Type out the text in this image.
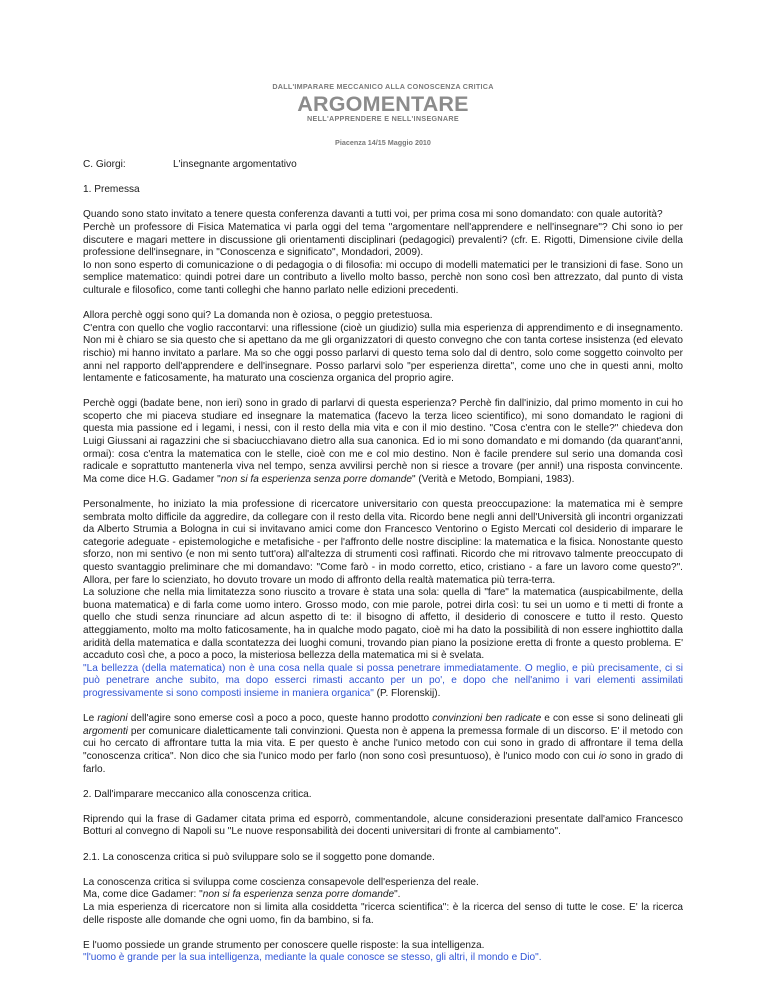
DALL'IMPARARE MECCANICO ALLA CONOSCENZA CRITICA
ARGOMENTARE
NELL'APPRENDERE E NELL'INSEGNARE
Piacenza 14/15 Maggio 2010
C. Giorgi:	L'insegnante argomentativo
1. Premessa

Quando sono stato invitato a tenere questa conferenza davanti a tutti voi, per prima cosa mi sono domandato: con quale autorità?
Perchè un professore di Fisica Matematica vi parla oggi del tema "argomentare nell'apprendere e nell'insegnare"? Chi sono io per discutere e magari mettere in discussione gli orientamenti disciplinari (pedagogici) prevalenti? (cfr. E. Rigotti, Dimensione civile della professione dell'insegnare, in "Conoscenza e significato", Mondadori, 2009).
Io non sono esperto di comunicazione o di pedagogia o di filosofia: mi occupo di modelli matematici per le transizioni di fase. Sono un semplice matematico: quindi potrei dare un contributo a livello molto basso, perchè non sono così ben attrezzato, dal punto di vista culturale e filosofico, come tanti colleghi che hanno parlato nelle edizioni precedenti.

Allora perchè oggi sono qui? La domanda non è oziosa, o peggio pretestuosa.
C'entra con quello che voglio raccontarvi: una riflessione (cioè un giudizio) sulla mia esperienza di apprendimento e di insegnamento. Non mi è chiaro se sia questo che si apettano da me gli organizzatori di questo convegno che con tanta cortese insistenza (ed elevato rischio) mi hanno invitato a parlare. Ma so che oggi posso parlarvi di questo tema solo dal di dentro, solo come soggetto coinvolto per anni nel rapporto dell'apprendere e dell'insegnare. Posso parlarvi solo "per esperienza diretta", come uno che in questi anni, molto lentamente e faticosamente, ha maturato una coscienza organica del proprio agire.

Perchè oggi (badate bene, non ieri) sono in grado di parlarvi di questa esperienza? Perchè fin dall'inizio, dal primo momento in cui ho scoperto che mi piaceva studiare ed insegnare la matematica (facevo la terza liceo scientifico), mi sono domandato le ragioni di questa mia passione ed i legami, i nessi, con il resto della mia vita e con il mio destino. "Cosa c'entra con le stelle?" chiedeva don Luigi Giussani ai ragazzini che si sbaciucchiavano dietro alla sua canonica. Ed io mi sono domandato e mi domando (da quarant'anni, ormai): cosa c'entra la matematica con le stelle, cioè con me e col mio destino. Non è facile prendere sul serio una domanda così radicale e soprattutto mantenerla viva nel tempo, senza avvilirsi perchè non si riesce a trovare (per anni!) una risposta convincente. Ma come dice H.G. Gadamer "non si fa esperienza senza porre domande" (Verità e Metodo, Bompiani, 1983).

Personalmente, ho iniziato la mia professione di ricercatore universitario con questa preoccupazione: la matematica mi è sempre sembrata molto difficile da aggredire, da collegare con il resto della vita. Ricordo bene negli anni dell'Università gli incontri organizzati da Alberto Strumia a Bologna in cui si invitavano amici come don Francesco Ventorino o Egisto Mercati col desiderio di imparare le categorie adeguate - epistemologiche e metafisiche - per l'affronto delle nostre discipline: la matematica e la fisica. Nonostante questo sforzo, non mi sentivo (e non mi sento tutt'ora) all'altezza di strumenti così raffinati. Ricordo che mi ritrovavo talmente preoccupato di questo svantaggio preliminare che mi domandavo: "Come farò - in modo corretto, etico, cristiano - a fare un lavoro come questo?". Allora, per fare lo scienziato, ho dovuto trovare un modo di affronto della realtà matematica più terra-terra.
La soluzione che nella mia limitatezza sono riuscito a trovare è stata una sola: quella di "fare" la matematica (auspicabilmente, della buona matematica) e di farla come uomo intero. Grosso modo, con mie parole, potrei dirla così: tu sei un uomo e ti metti di fronte a quello che studi senza rinunciare ad alcun aspetto di te: il bisogno di affetto, il desiderio di conoscere e tutto il resto. Questo atteggiamento, molto ma molto faticosamente, ha in qualche modo pagato, cioè mi ha dato la possibilità di non essere inghiottito dalla aridità della matematica e dalla scontatezza dei luoghi comuni, trovando pian piano la posizione eretta di fronte a questo problema. E' accaduto così che, a poco a poco, la misteriosa bellezza della matematica mi si è svelata.
"La bellezza (della matematica) non è una cosa nella quale si possa penetrare immediatamente. O meglio, e più precisamente, ci si può penetrare anche subito, ma dopo esserci rimasti accanto per un po', e dopo che nell'animo i vari elementi assimilati progressivamente si sono composti insieme in maniera organica" (P. Florenskij).

Le ragioni dell'agire sono emerse così a poco a poco, queste hanno prodotto convinzioni ben radicate e con esse si sono delineati gli argomenti per comunicare dialetticamente tali convinzioni. Questa non è appena la premessa formale di un discorso. E' il metodo con cui ho cercato di affrontare tutta la mia vita. E per questo è anche l'unico metodo con cui sono in grado di affrontare il tema della "conoscenza critica". Non dico che sia l'unico modo per farlo (non sono così presuntuoso), è l'unico modo con cui io sono in grado di farlo.

2. Dall'imparare meccanico alla conoscenza critica.

Riprendo qui la frase di Gadamer citata prima ed esporrò, commentandole, alcune considerazioni presentate dall'amico Francesco Botturi al convegno di Napoli su "Le nuove responsabilità dei docenti universitari di fronte al cambiamento".

2.1. La conoscenza critica si può sviluppare solo se il soggetto pone domande.

La conoscenza critica si sviluppa come coscienza consapevole dell'esperienza del reale.
Ma, come dice Gadamer: "non si fa esperienza senza porre domande".
La mia esperienza di ricercatore non si limita alla cosiddetta "ricerca scientifica": è la ricerca del senso di tutte le cose. E' la ricerca delle risposte alle domande che ogni uomo, fin da bambino, si fa.

E l'uomo possiede un grande strumento per conoscere quelle risposte: la sua intelligenza.
"l'uomo è grande per la sua intelligenza, mediante la quale conosce se stesso, gli altri, il mondo e Dio".
